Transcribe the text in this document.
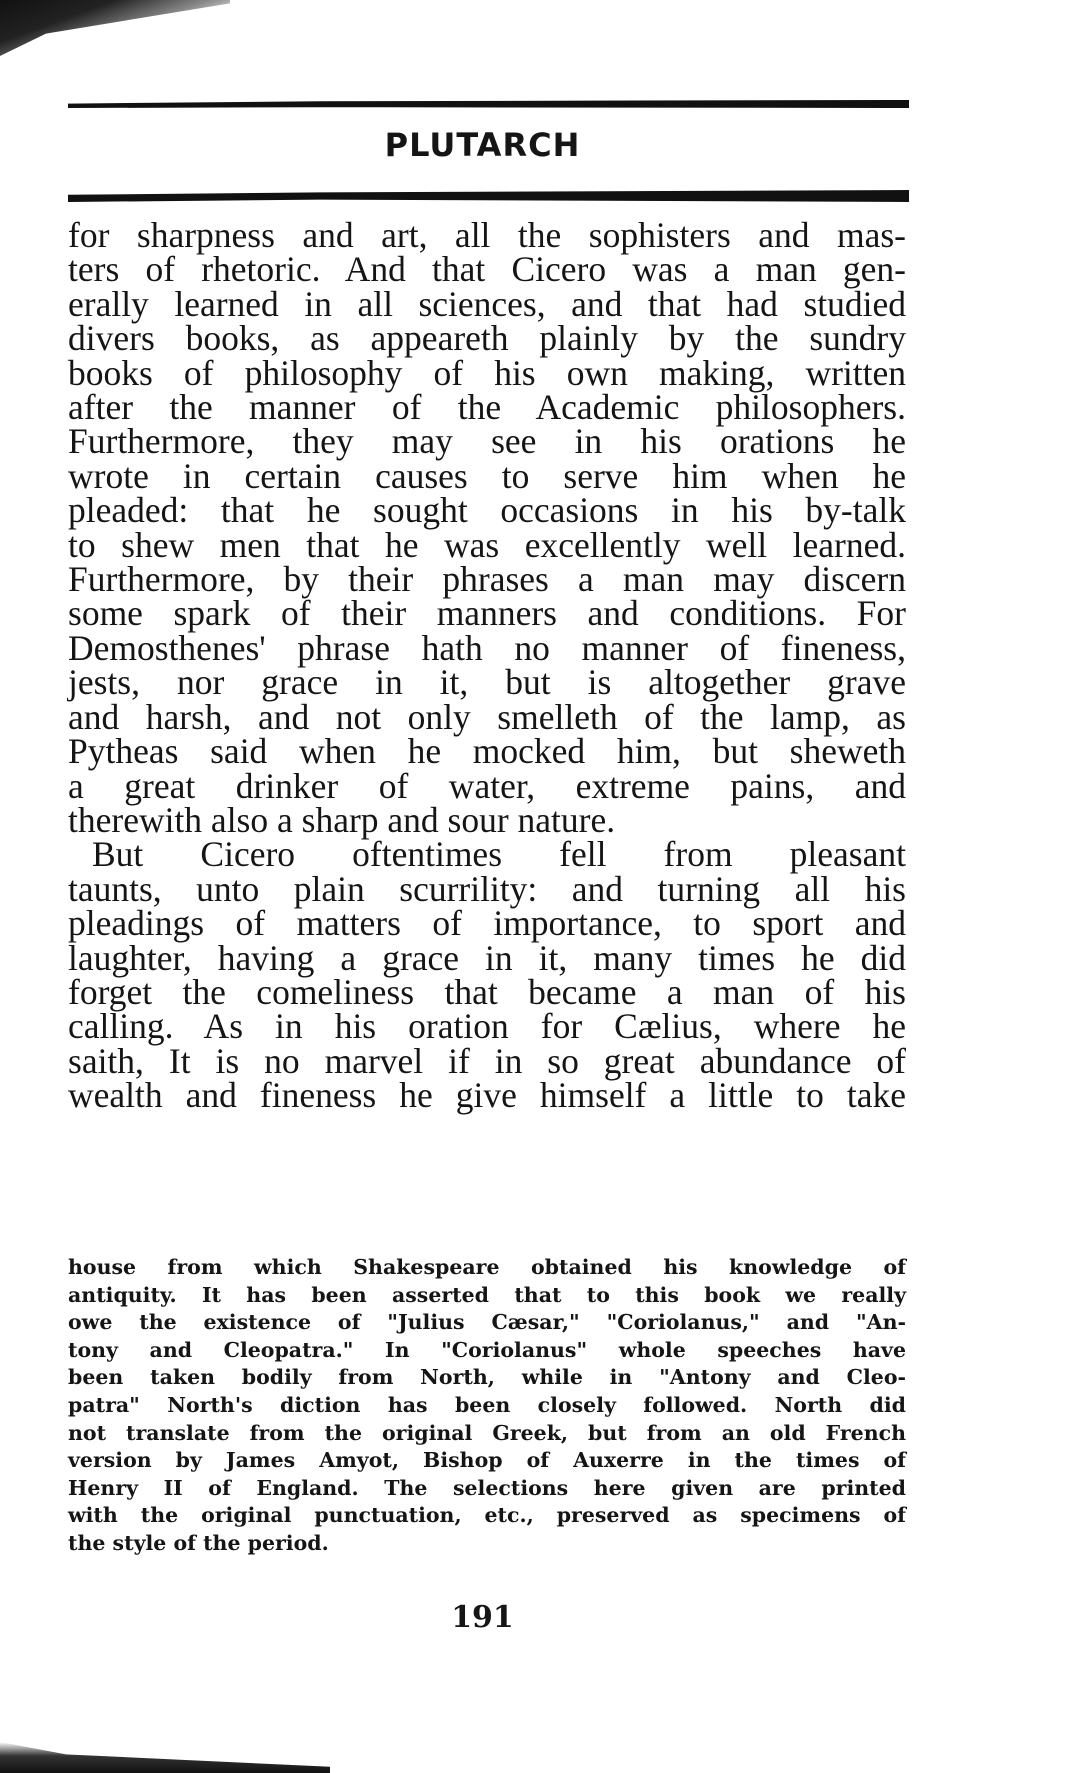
PLUTARCH
for sharpness and art, all the sophisters and mas-
ters of rhetoric. And that Cicero was a man gen-
erally learned in all sciences, and that had studied
divers books, as appeareth plainly by the sundry
books of philosophy of his own making, written
after the manner of the Academic philosophers.
Furthermore, they may see in his orations he
wrote in certain causes to serve him when he
pleaded: that he sought occasions in his by-talk
to shew men that he was excellently well learned.
Furthermore, by their phrases a man may discern
some spark of their manners and conditions. For
Demosthenes' phrase hath no manner of fineness,
jests, nor grace in it, but is altogether grave
and harsh, and not only smelleth of the lamp, as
Pytheas said when he mocked him, but sheweth
a great drinker of water, extreme pains, and
therewith also a sharp and sour nature.
But Cicero oftentimes fell from pleasant
taunts, unto plain scurrility: and turning all his
pleadings of matters of importance, to sport and
laughter, having a grace in it, many times he did
forget the comeliness that became a man of his
calling. As in his oration for Cælius, where he
saith, It is no marvel if in so great abundance of
wealth and fineness he give himself a little to take
house from which Shakespeare obtained his knowledge of
antiquity. It has been asserted that to this book we really
owe the existence of "Julius Cæsar," "Coriolanus," and "An-
tony and Cleopatra." In "Coriolanus" whole speeches have
been taken bodily from North, while in "Antony and Cleo-
patra" North's diction has been closely followed. North did
not translate from the original Greek, but from an old French
version by James Amyot, Bishop of Auxerre in the times of
Henry II of England. The selections here given are printed
with the original punctuation, etc., preserved as specimens of
the style of the period.
191
